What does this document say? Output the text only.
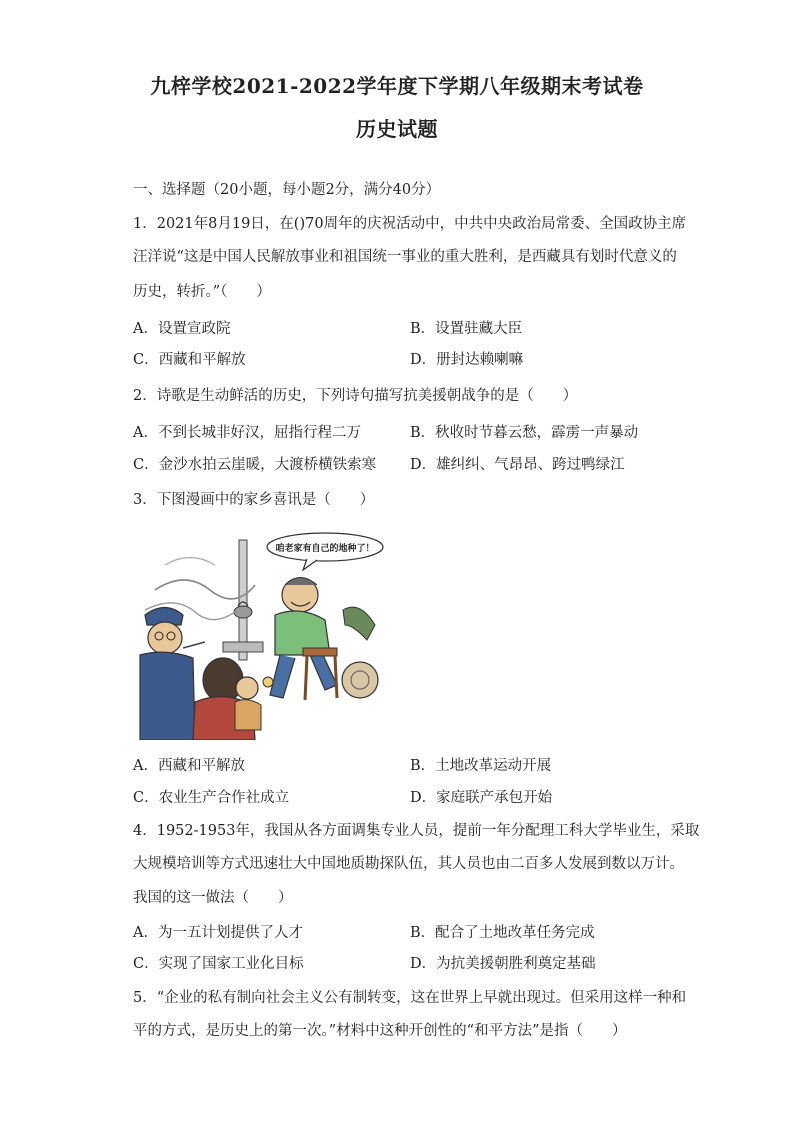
九梓学校2021-2022学年度下学期八年级期末考试卷
历史试题
一、选择题（20小题，每小题2分，满分40分）
1．2021年8月19日，在()70周年的庆祝活动中，中共中央政治局常委、全国政协主席
汪洋说“这是中国人民解放事业和祖国统一事业的重大胜利，是西藏具有划时代意义的
历史，转折。”（　　）
A．设置宣政院	B．设置驻藏大臣
C．西藏和平解放	D．册封达赖喇嘛
2．诗歌是生动鲜活的历史，下列诗句描写抗美援朝战争的是（　　）
A．不到长城非好汉，屈指行程二万	B．秋收时节暮云愁，霹雳一声暴动
C．金沙水拍云崖暖，大渡桥横铁索寒 D．雄纠纠、气昂昂、跨过鸭绿江
3．下图漫画中的家乡喜讯是（　　）
咱老家有自己的地种了！
A．西藏和平解放	B．土地改革运动开展
C．农业生产合作社成立	D．家庭联产承包开始
4．1952-1953年，我国从各方面调集专业人员，提前一年分配理工科大学毕业生，采取
大规模培训等方式迅速壮大中国地质勘探队伍，其人员也由二百多人发展到数以万计。
我国的这一做法（　　）
A．为一五计划提供了人才	B．配合了土地改革任务完成
C．实现了国家工业化目标	D．为抗美援朝胜利奠定基础
5．“企业的私有制向社会主义公有制转变，这在世界上早就出现过。但采用这样一种和
平的方式，是历史上的第一次。”材料中这种开创性的“和平方法”是指（　　）
